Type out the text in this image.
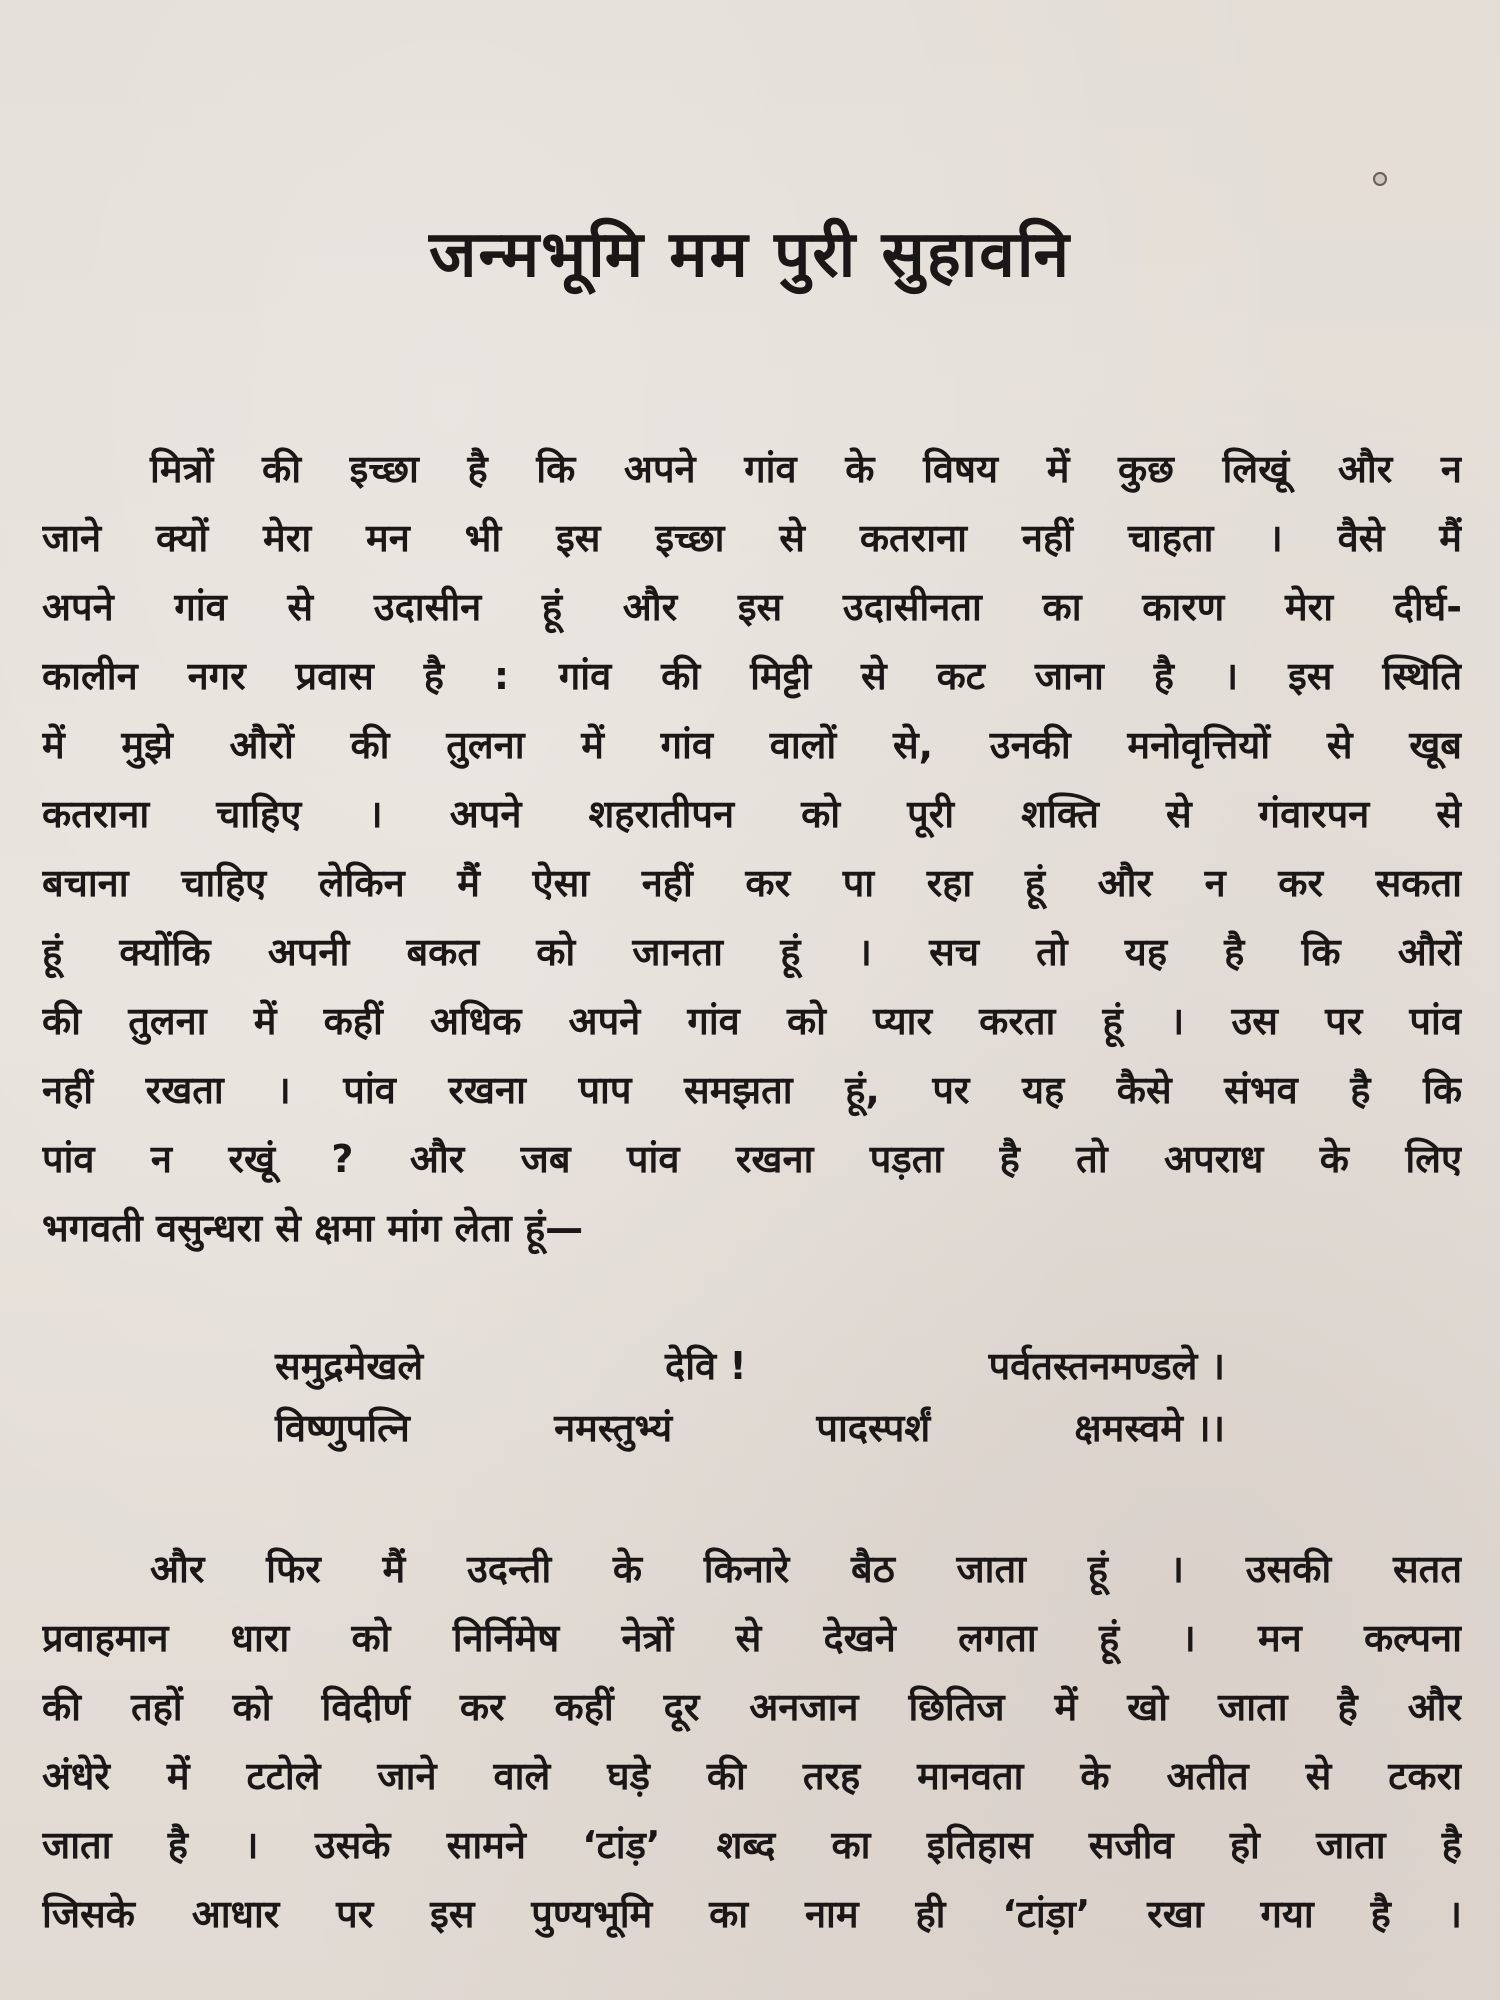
जन्मभूमि मम पुरी सुहावनि
मित्रों की इच्छा है कि अपने गांव के विषय में कुछ लिखूं और न
जाने क्यों मेरा मन भी इस इच्छा से कतराना नहीं चाहता । वैसे मैं
अपने गांव से उदासीन हूं और इस उदासीनता का कारण मेरा दीर्घ-
कालीन नगर प्रवास है : गांव की मिट्टी से कट जाना है । इस स्थिति
में मुझे औरों की तुलना में गांव वालों से, उनकी मनोवृत्तियों से खूब
कतराना चाहिए । अपने शहरातीपन को पूरी शक्ति से गंवारपन से
बचाना चाहिए लेकिन मैं ऐसा नहीं कर पा रहा हूं और न कर सकता
हूं क्योंकि अपनी बकत को जानता हूं । सच तो यह है कि औरों
की तुलना में कहीं अधिक अपने गांव को प्यार करता हूं । उस पर पांव
नहीं रखता । पांव रखना पाप समझता हूं, पर यह कैसे संभव है कि
पांव न रखूं ? और जब पांव रखना पड़ता है तो अपराध के लिए
भगवती वसुन्धरा से क्षमा मांग लेता हूं—
समुद्रमेखले	देवि !	पर्वतस्तनमण्डले ।
विष्णुपत्नि	नमस्तुभ्यं	पादस्पर्शं	क्षमस्वमे ।।
और फिर मैं उदन्ती के किनारे बैठ जाता हूं । उसकी सतत
प्रवाहमान धारा को निर्निमेष नेत्रों से देखने लगता हूं । मन कल्पना
की तहों को विदीर्ण कर कहीं दूर अनजान छितिज में खो जाता है और
अंधेरे में टटोले जाने वाले घड़े की तरह मानवता के अतीत से टकरा
जाता है । उसके सामने ‘टांड़’ शब्द का इतिहास सजीव हो जाता है
जिसके आधार पर इस पुण्यभूमि का नाम ही ‘टांड़ा’ रखा गया है ।
